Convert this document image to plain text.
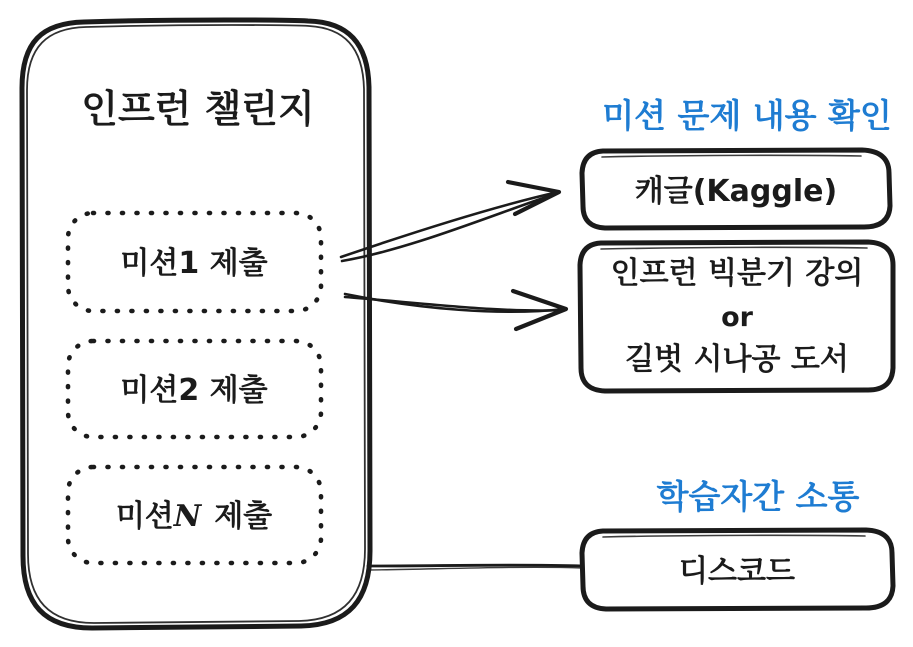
인프런 챌린지
미션1 제출
미션2 제출
미션N 제출
미션 문제 내용 확인
캐글(Kaggle)
인프런 빅분기 강의
or
길벗 시나공 도서
학습자간 소통
디스코드
